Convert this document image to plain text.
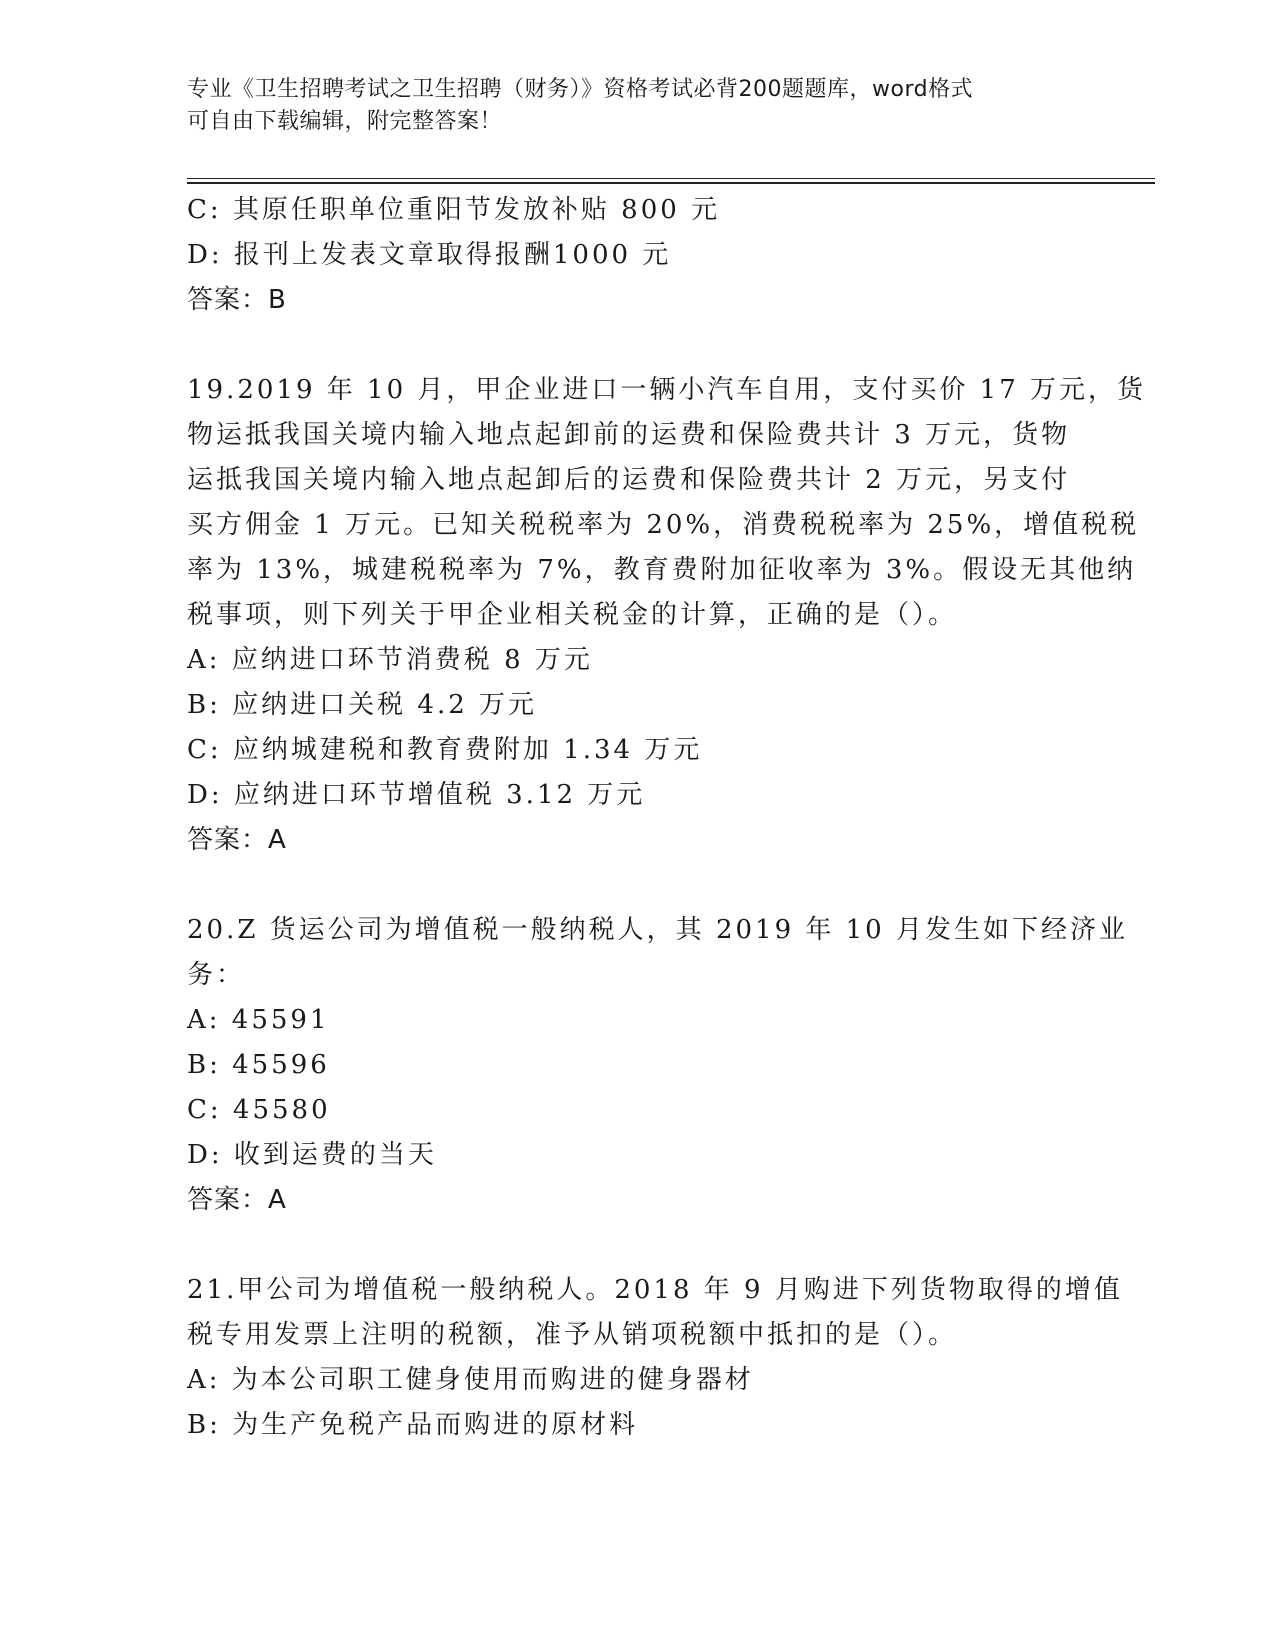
专业《卫生招聘考试之卫生招聘（财务）》资格考试必背200题题库，word格式
可自由下载编辑，附完整答案！
C: 其原任职单位重阳节发放补贴 800 元
D: 报刊上发表文章取得报酬1000 元
答案：B
19.2019 年 10 月，甲企业进口一辆小汽车自用，支付买价 17 万元，货
物运抵我国关境内输入地点起卸前的运费和保险费共计 3 万元，货物
运抵我国关境内输入地点起卸后的运费和保险费共计 2 万元，另支付
买方佣金 1 万元。已知关税税率为 20%，消费税税率为 25%，增值税税
率为 13%，城建税税率为 7%，教育费附加征收率为 3%。假设无其他纳
税事项，则下列关于甲企业相关税金的计算，正确的是（）。
A: 应纳进口环节消费税 8 万元
B: 应纳进口关税 4.2 万元
C: 应纳城建税和教育费附加 1.34 万元
D: 应纳进口环节增值税 3.12 万元
答案：A
20.Z 货运公司为增值税一般纳税人，其 2019 年 10 月发生如下经济业
务：
A: 45591
B: 45596
C: 45580
D: 收到运费的当天
答案：A
21.甲公司为增值税一般纳税人。2018 年 9 月购进下列货物取得的增值
税专用发票上注明的税额，准予从销项税额中抵扣的是（）。
A: 为本公司职工健身使用而购进的健身器材
B: 为生产免税产品而购进的原材料
